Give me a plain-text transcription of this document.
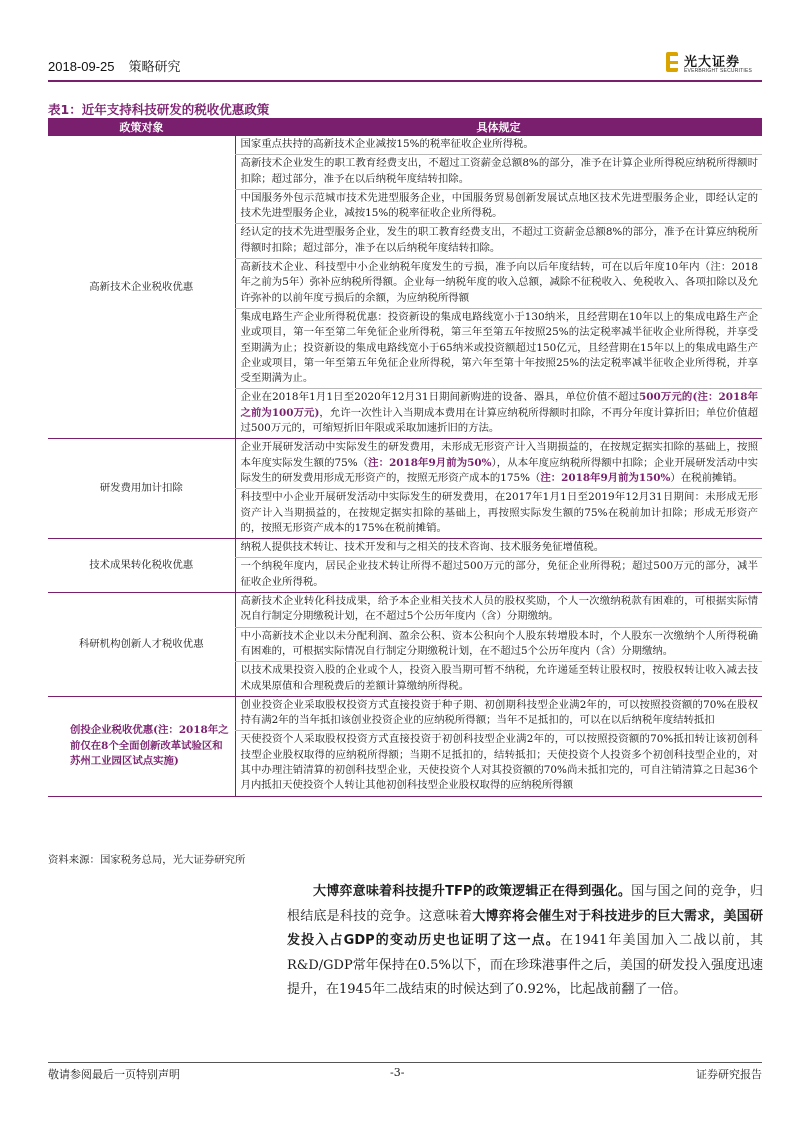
2018-09-25 策略研究	光大证券
EVERBRIGHT SECURITIES
表1：近年支持科技研发的税收优惠政策
政策对象	具体规定
高新技术企业税收优惠	国家重点扶持的高新技术企业减按15%的税率征收企业所得税。
	高新技术企业发生的职工教育经费支出，不超过工资薪金总额8%的部分，准予在计算企业所得税应纳税所得额时扣除；超过部分，准予在以后纳税年度结转扣除。
	中国服务外包示范城市技术先进型服务企业，中国服务贸易创新发展试点地区技术先进型服务企业，即经认定的技术先进型服务企业，减按15%的税率征收企业所得税。
	经认定的技术先进型服务企业，发生的职工教育经费支出，不超过工资薪金总额8%的部分，准予在计算应纳税所得额时扣除；超过部分，准予在以后纳税年度结转扣除。
	高新技术企业、科技型中小企业纳税年度发生的亏损，准予向以后年度结转，可在以后年度10年内（注：2018年之前为5年）弥补应纳税所得额。企业每一纳税年度的收入总额，减除不征税收入、免税收入、各项扣除以及允许弥补的以前年度亏损后的余额，为应纳税所得额
	集成电路生产企业所得税优惠：投资新设的集成电路线宽小于130纳米，且经营期在10年以上的集成电路生产企业或项目，第一年至第二年免征企业所得税，第三年至第五年按照25%的法定税率减半征收企业所得税，并享受至期满为止；投资新设的集成电路线宽小于65纳米或投资额超过150亿元，且经营期在15年以上的集成电路生产企业或项目，第一年至第五年免征企业所得税，第六年至第十年按照25%的法定税率减半征收企业所得税，并享受至期满为止。
	企业在2018年1月1日至2020年12月31日期间新购进的设备、器具，单位价值不超过500万元的(注：2018年之前为100万元)，允许一次性计入当期成本费用在计算应纳税所得额时扣除，不再分年度计算折旧；单位价值超过500万元的，可缩短折旧年限或采取加速折旧的方法。
研发费用加计扣除	企业开展研发活动中实际发生的研发费用，未形成无形资产计入当期损益的，在按规定据实扣除的基础上，按照本年度实际发生额的75%（注：2018年9月前为50%），从本年度应纳税所得额中扣除；企业开展研发活动中实际发生的研发费用形成无形资产的，按照无形资产成本的175%（注：2018年9月前为150%）在税前摊销。
	科技型中小企业开展研发活动中实际发生的研发费用，在2017年1月1日至2019年12月31日期间：未形成无形资产计入当期损益的，在按规定据实扣除的基础上，再按照实际发生额的75%在税前加计扣除；形成无形资产的，按照无形资产成本的175%在税前摊销。
技术成果转化税收优惠	纳税人提供技术转让、技术开发和与之相关的技术咨询、技术服务免征增值税。
	一个纳税年度内，居民企业技术转让所得不超过500万元的部分，免征企业所得税；超过500万元的部分，减半征收企业所得税。
科研机构创新人才税收优惠	高新技术企业转化科技成果，给予本企业相关技术人员的股权奖励，个人一次缴纳税款有困难的，可根据实际情况自行制定分期缴税计划，在不超过5个公历年度内（含）分期缴纳。
	中小高新技术企业以未分配利润、盈余公积、资本公积向个人股东转增股本时，个人股东一次缴纳个人所得税确有困难的，可根据实际情况自行制定分期缴税计划，在不超过5个公历年度内（含）分期缴纳。
	以技术成果投资入股的企业或个人，投资入股当期可暂不纳税，允许递延至转让股权时，按股权转让收入减去技术成果原值和合理税费后的差额计算缴纳所得税。
创投企业税收优惠(注：2018年之前仅在8个全面创新改革试验区和苏州工业园区试点实施)	创业投资企业采取股权投资方式直接投资于种子期、初创期科技型企业满2年的，可以按照投资额的70%在股权持有满2年的当年抵扣该创业投资企业的应纳税所得额；当年不足抵扣的，可以在以后纳税年度结转抵扣
	天使投资个人采取股权投资方式直接投资于初创科技型企业满2年的，可以按照投资额的70%抵扣转让该初创科技型企业股权取得的应纳税所得额；当期不足抵扣的，结转抵扣；天使投资个人投资多个初创科技型企业的，对其中办理注销清算的初创科技型企业，天使投资个人对其投资额的70%尚未抵扣完的，可自注销清算之日起36个月内抵扣天使投资个人转让其他初创科技型企业股权取得的应纳税所得额
资料来源：国家税务总局，光大证券研究所
大博弈意味着科技提升TFP的政策逻辑正在得到强化。国与国之间的竞争，归根结底是科技的竞争。这意味着大博弈将会催生对于科技进步的巨大需求，美国研发投入占GDP的变动历史也证明了这一点。在1941年美国加入二战以前，其R&D/GDP常年保持在0.5%以下，而在珍珠港事件之后，美国的研发投入强度迅速提升，在1945年二战结束的时候达到了0.92%，比起战前翻了一倍。
敬请参阅最后一页特别声明	-3-	证券研究报告
